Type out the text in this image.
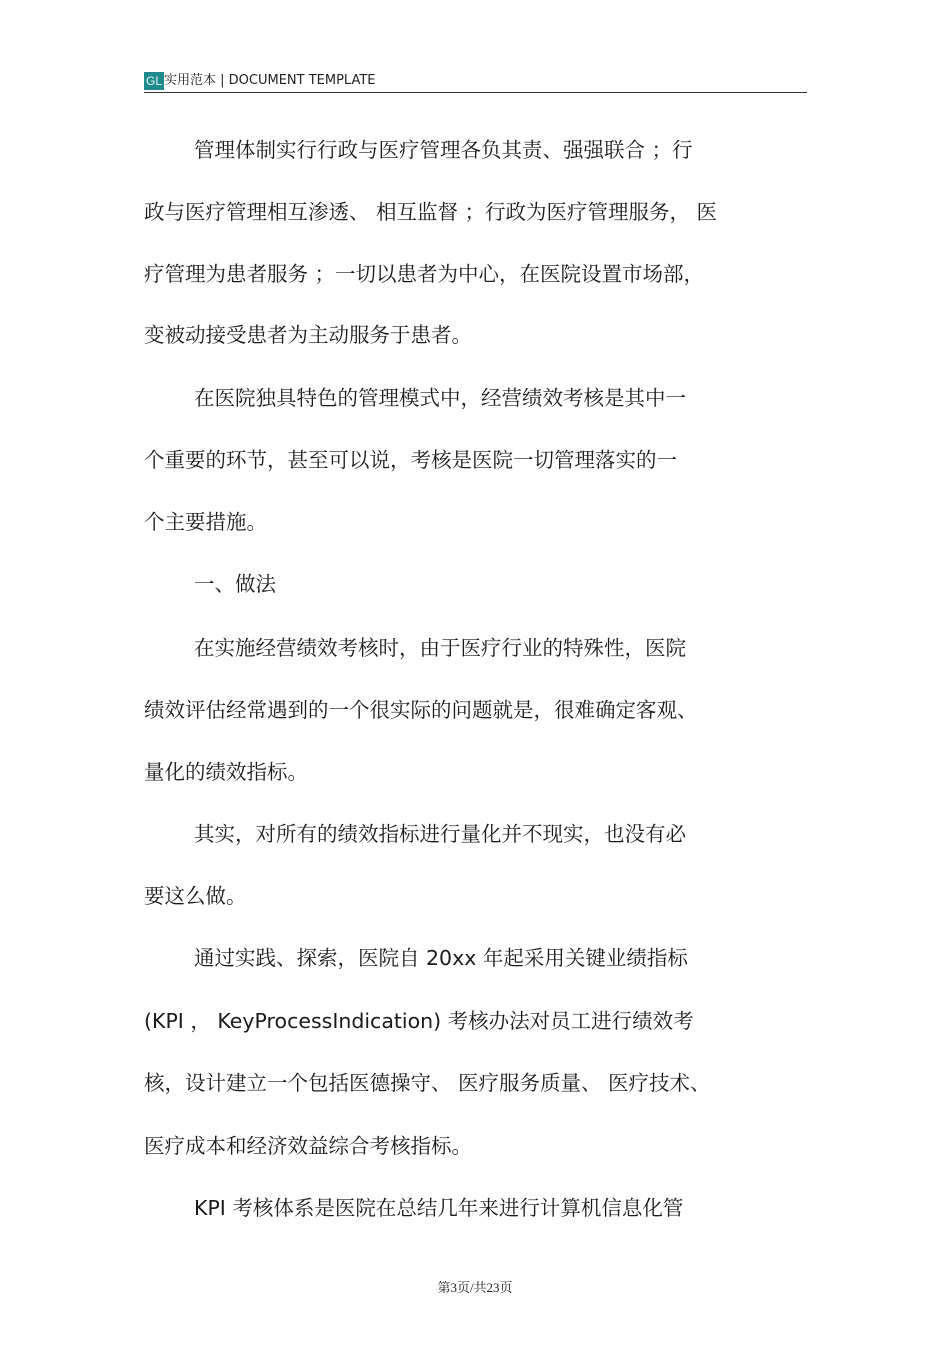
GL 实用范本 | DOCUMENT TEMPLATE
管理体制实行行政与医疗管理各负其责、强强联合 ；行
政与医疗管理相互渗透、 相互监督 ；行政为医疗管理服务， 医
疗管理为患者服务 ；一切以患者为中心，在医院设置市场部，
变被动接受患者为主动服务于患者。
在医院独具特色的管理模式中，经营绩效考核是其中一
个重要的环节，甚至可以说，考核是医院一切管理落实的一
个主要措施。
一、做法
在实施经营绩效考核时，由于医疗行业的特殊性，医院
绩效评估经常遇到的一个很实际的问题就是，很难确定客观、
量化的绩效指标。
其实，对所有的绩效指标进行量化并不现实，也没有必
要这么做。
通过实践、探索，医院自 20xx 年起采用关键业绩指标
(KPI ， KeyProcessIndication) 考核办法对员工进行绩效考
核，设计建立一个包括医德操守、 医疗服务质量、 医疗技术、
医疗成本和经济效益综合考核指标。
KPI 考核体系是医院在总结几年来进行计算机信息化管
第3页/共23页
